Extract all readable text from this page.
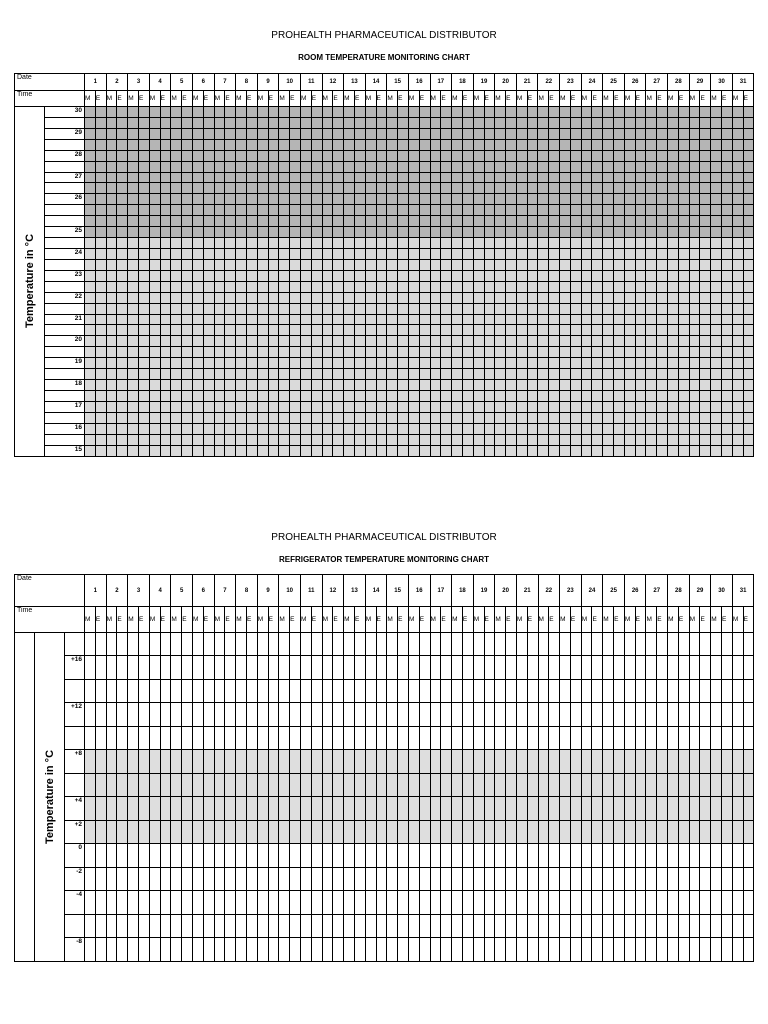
PROHEALTH PHARMACEUTICAL DISTRIBUTOR
ROOM TEMPERATURE MONITORING CHART
Date		1		2		3		4		5		6		7		8		9		10		11		12		13		14		15		16		17		18		19		20		21		22		23		24		25		26		27		28		29		30		31	
Time		M	E	M	E	M	E	M	E	M	E	M	E	M	E	M	E	M	E	M	E	M	E	M	E	M	E	M	E	M	E	M	E	M	E	M	E	M	E	M	E	M	E	M	E	M	E	M	E	M	E	M	E	M	E	M	E	M	E	M	E	M	E

Temperature in °C	30																																																														

	29																																																														

	28																																																														

	27																																																														

	26																																																														

	25																																																														

	24																																																														

	23																																																														

	22																																																														

	21																																																														

	20																																																														

	19																																																														

	18																																																														

	17																																																														

	16																																																														

	15																																																														
PROHEALTH PHARMACEUTICAL DISTRIBUTOR
REFRIGERATOR TEMPERATURE MONITORING CHART
Date	1	2	3	4	5	6	7	8	9	10	11	12	13	14	15	16	17	18	19	20	21	22	23	24	25	26	27	28	29	30	31
Time	M	E	M	E	M	E	M	E	M	E	M	E	M	E	M	E	M	E	M	E	M	E	M	E	M	E	M	E	M	E	M	E	M	E	M	E	M	E	M	E	M	E	M	E	M	E	M	E	M	E	M	E	M	E	M	E	M	E	M	E	M	E

Temperature in °C

+16																																																														

+12																																																														

+8																																																														

+4																																																														
+2																																																														
0																																																														
-2																																																														
-4																																																														

-8																																																														
